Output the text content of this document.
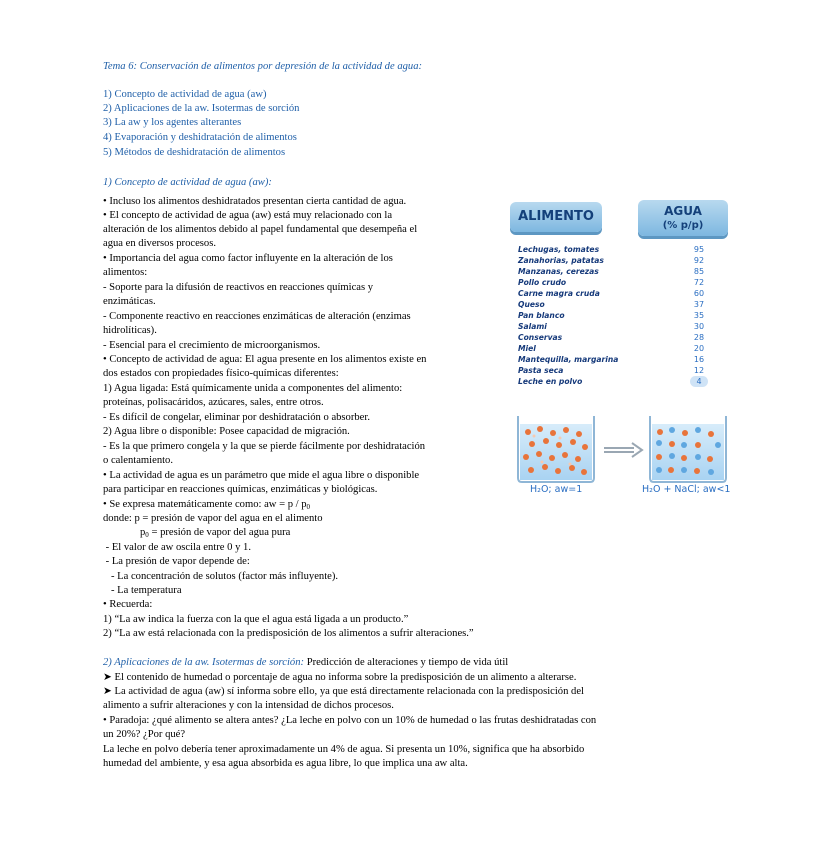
Tema 6: Conservación de alimentos por depresión de la actividad de agua:
1) Concepto de actividad de agua (aw)
2) Aplicaciones de la aw. Isotermas de sorción
3) La aw y los agentes alterantes
4) Evaporación y deshidratación de alimentos
5) Métodos de deshidratación de alimentos
1) Concepto de actividad de agua (aw):
• Incluso los alimentos deshidratados presentan cierta cantidad de agua.
• El concepto de actividad de agua (aw) está muy relacionado con la
alteración de los alimentos debido al papel fundamental que desempeña el
agua en diversos procesos.
• Importancia del agua como factor influyente en la alteración de los
alimentos:
- Soporte para la difusión de reactivos en reacciones químicas y
enzimáticas.
- Componente reactivo en reacciones enzimáticas de alteración (enzimas
hidrolíticas).
- Esencial para el crecimiento de microorganismos.
• Concepto de actividad de agua: El agua presente en los alimentos existe en
dos estados con propiedades físico-químicas diferentes:
1) Agua ligada: Está químicamente unida a componentes del alimento:
proteínas, polisacáridos, azúcares, sales, entre otros.
- Es difícil de congelar, eliminar por deshidratación o absorber.
2) Agua libre o disponible: Posee capacidad de migración.
- Es la que primero congela y la que se pierde fácilmente por deshidratación
o calentamiento.
• La actividad de agua es un parámetro que mide el agua libre o disponible
para participar en reacciones químicas, enzimáticas y biológicas.
• Se expresa matemáticamente como: aw = p / $p_0$
donde: p = presión de vapor del agua en el alimento
$p_0$ = presión de vapor del agua pura
- El valor de aw oscila entre 0 y 1.
- La presión de vapor depende de:
- La concentración de solutos (factor más influyente).
- La temperatura
• Recuerda:
1) “La aw indica la fuerza con la que el agua está ligada a un producto.”
2) “La aw está relacionada con la predisposición de los alimentos a sufrir alteraciones.”
2) Aplicaciones de la aw. Isotermas de sorción: Predicción de alteraciones y tiempo de vida útil
➤ El contenido de humedad o porcentaje de agua no informa sobre la predisposición de un alimento a alterarse.
➤ La actividad de agua (aw) sí informa sobre ello, ya que está directamente relacionada con la predisposición del
alimento a sufrir alteraciones y con la intensidad de dichos procesos.
• Paradoja: ¿qué alimento se altera antes? ¿La leche en polvo con un 10% de humedad o las frutas deshidratadas con
un 20%? ¿Por qué?
La leche en polvo debería tener aproximadamente un 4% de agua. Si presenta un 10%, significa que ha absorbido
humedad del ambiente, y esa agua absorbida es agua libre, lo que implica una aw alta.
ALIMENTO	AGUA
(% p/p)
Lechugas, tomates	95
Zanahorias, patatas	92
Manzanas, cerezas	85
Pollo crudo	72
Carne magra cruda	60
Queso	37
Pan blanco	35
Salami	30
Conservas	28
Miel	20
Mantequilla, margarina	16
Pasta seca	12
Leche en polvo	4
H₂O; aw=1	H₂O + NaCl; aw<1
